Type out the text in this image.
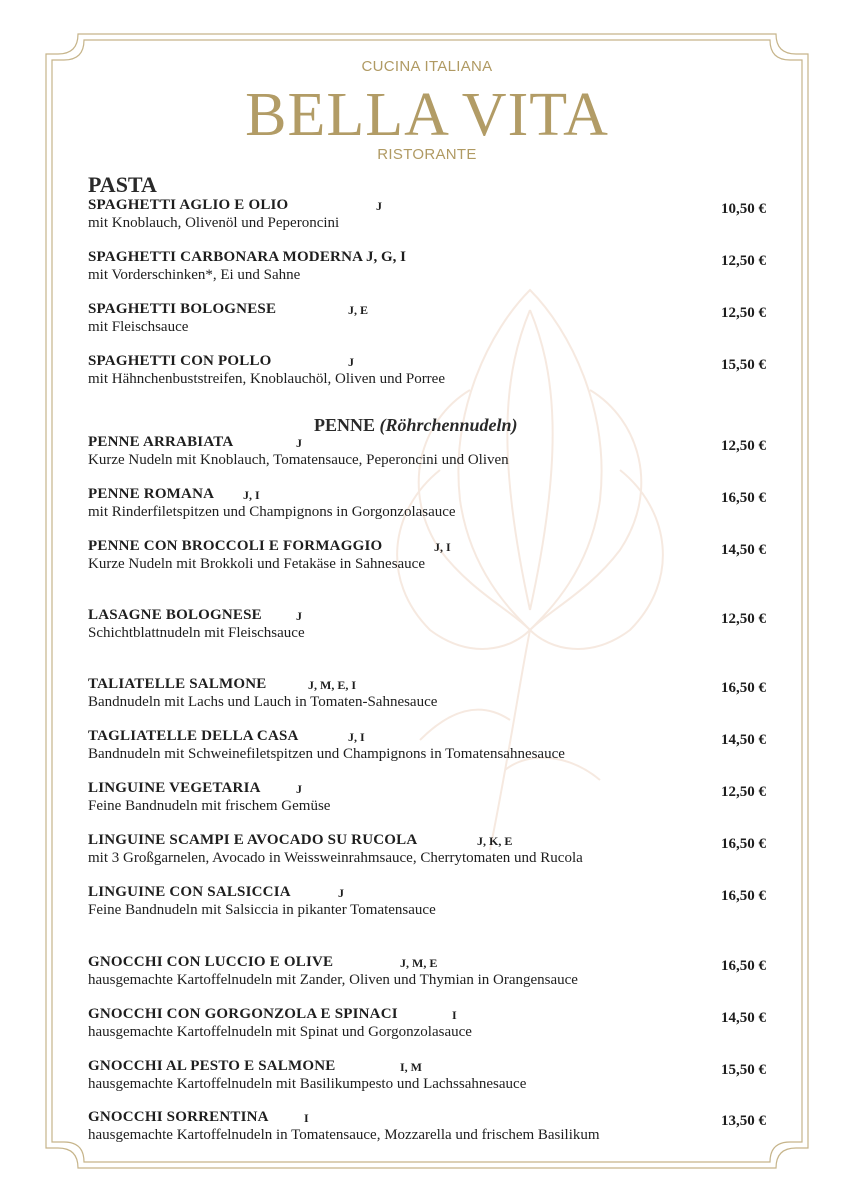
CUCINA ITALIANA
BELLA VITA
RISTORANTE
PASTA
PENNE (Röhrchennudeln)
SPAGHETTI AGLIO E OLIO	J
mit Knoblauch, Olivenöl und Peperoncini
10,50 €
SPAGHETTI CARBONARA MODERNA J, G, I
mit Vorderschinken*, Ei und Sahne
12,50 €
SPAGHETTI BOLOGNESE	J, E
mit Fleischsauce
12,50 €
SPAGHETTI CON POLLO	J
mit Hähnchenbuststreifen, Knoblauchöl, Oliven und Porree
15,50 €
PENNE ARRABIATA	J
Kurze Nudeln mit Knoblauch, Tomatensauce, Peperoncini und Oliven
12,50 €
PENNE ROMANA J, I
mit Rinderfiletspitzen und Champignons in Gorgonzolasauce
16,50 €
PENNE CON BROCCOLI E FORMAGGIO	J, I
Kurze Nudeln mit Brokkoli und Fetakäse in Sahnesauce
14,50 €
LASAGNE BOLOGNESE	J
Schichtblattnudeln mit Fleischsauce
12,50 €
TALIATELLE SALMONE	J, M, E, I
Bandnudeln mit Lachs und Lauch in Tomaten-Sahnesauce
16,50 €
TAGLIATELLE DELLA CASA	J, I
Bandnudeln mit Schweinefiletspitzen und Champignons in Tomatensahnesauce
14,50 €
LINGUINE VEGETARIA	J
Feine Bandnudeln mit frischem Gemüse
12,50 €
LINGUINE SCAMPI E AVOCADO SU RUCOLA	J, K, E
mit 3 Großgarnelen, Avocado in Weissweinrahmsauce, Cherrytomaten und Rucola
16,50 €
LINGUINE CON SALSICCIA	J
Feine Bandnudeln mit Salsiccia in pikanter Tomatensauce
16,50 €
GNOCCHI CON LUCCIO E OLIVE	J, M, E
hausgemachte Kartoffelnudeln mit Zander, Oliven und Thymian in Orangensauce
16,50 €
GNOCCHI CON GORGONZOLA E SPINACI	I
hausgemachte Kartoffelnudeln mit Spinat und Gorgonzolasauce
14,50 €
GNOCCHI AL PESTO E SALMONE	I, M
hausgemachte Kartoffelnudeln mit Basilikumpesto und Lachssahnesauce
15,50 €
GNOCCHI SORRENTINA	I
hausgemachte Kartoffelnudeln in Tomatensauce, Mozzarella und frischem Basilikum
13,50 €
